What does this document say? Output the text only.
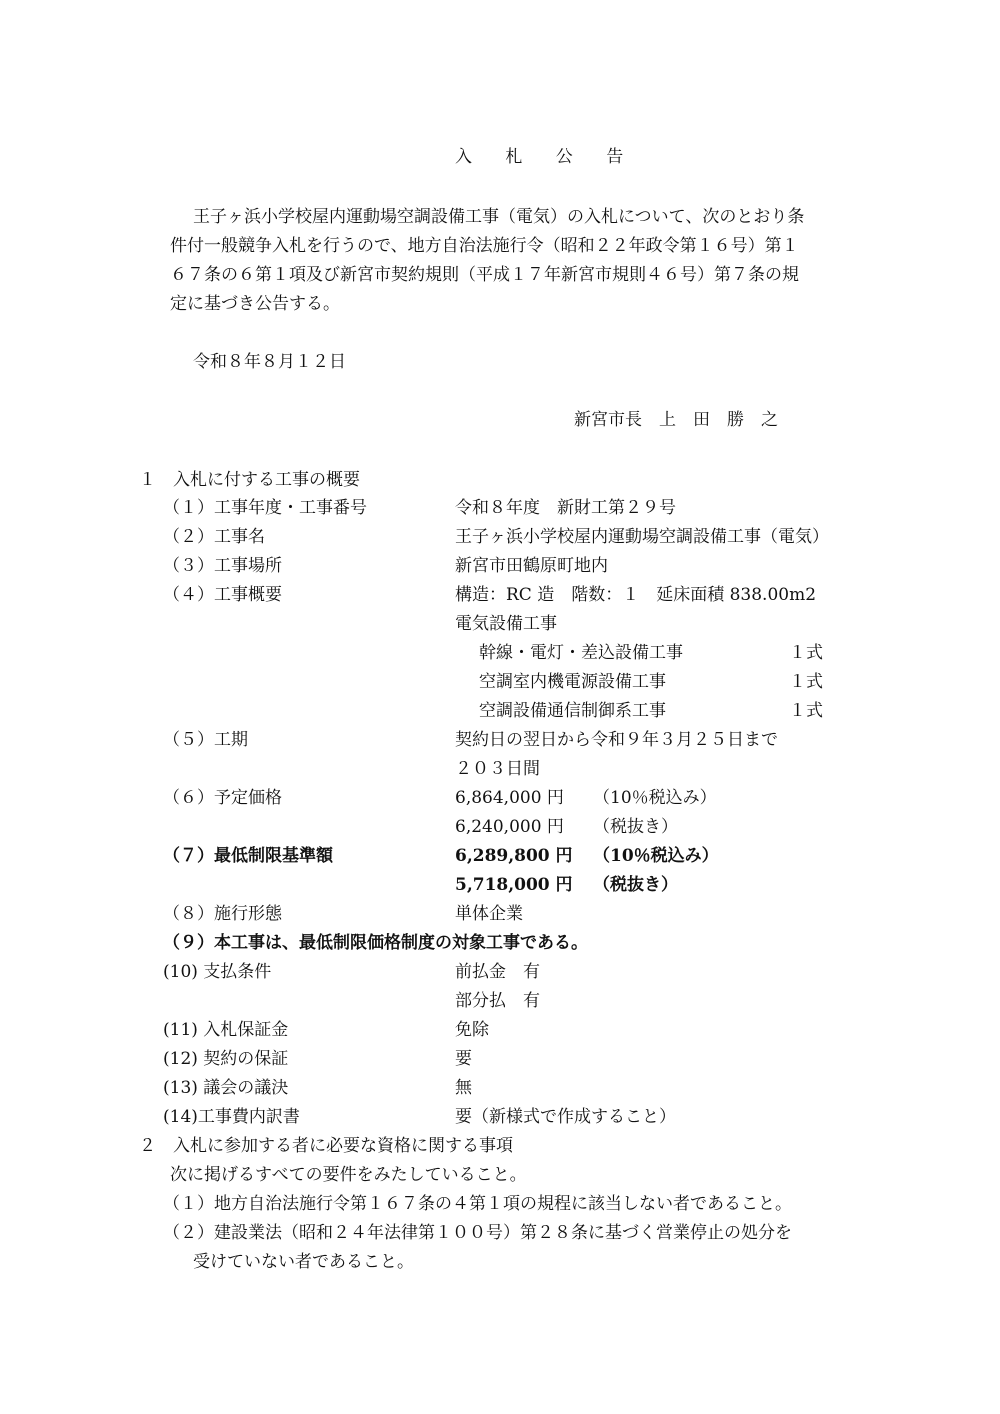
入 札 公 告
王子ヶ浜小学校屋内運動場空調設備工事（電気）の入札について、次のとおり条
件付一般競争入札を行うので、地方自治法施行令（昭和２２年政令第１６号）第１
６７条の６第１項及び新宮市契約規則（平成１７年新宮市規則４６号）第７条の規
定に基づき公告する。
令和８年８月１２日
新宮市長　上　田　勝　之
１　入札に付する工事の概要
（１）工事年度・工事番号	令和８年度　新財工第２９号
（２）工事名	王子ヶ浜小学校屋内運動場空調設備工事（電気）
（３）工事場所	新宮市田鶴原町地内
（４）工事概要	構造：RC 造　階数：１　延床面積 838.00m2
電気設備工事
幹線・電灯・差込設備工事	１式
空調室内機電源設備工事	１式
空調設備通信制御系工事	１式
（５）工期	契約日の翌日から令和９年３月２５日まで
２０３日間
（６）予定価格	6,864,000 円 （10％税込み）
6,240,000 円 （税抜き）
（７）最低制限基準額	6,289,800 円 （10％税込み）
5,718,000 円 （税抜き）
（８）施行形態	単体企業
（９）本工事は、最低制限価格制度の対象工事である。
(10) 支払条件	前払金　有
部分払　有
(11) 入札保証金	免除
(12) 契約の保証	要
(13) 議会の議決	無
(14)工事費内訳書	要（新様式で作成すること）
２　入札に参加する者に必要な資格に関する事項
次に掲げるすべての要件をみたしていること。
（１）地方自治法施行令第１６７条の４第１項の規程に該当しない者であること。
（２）建設業法（昭和２４年法律第１００号）第２８条に基づく営業停止の処分を
受けていない者であること。
